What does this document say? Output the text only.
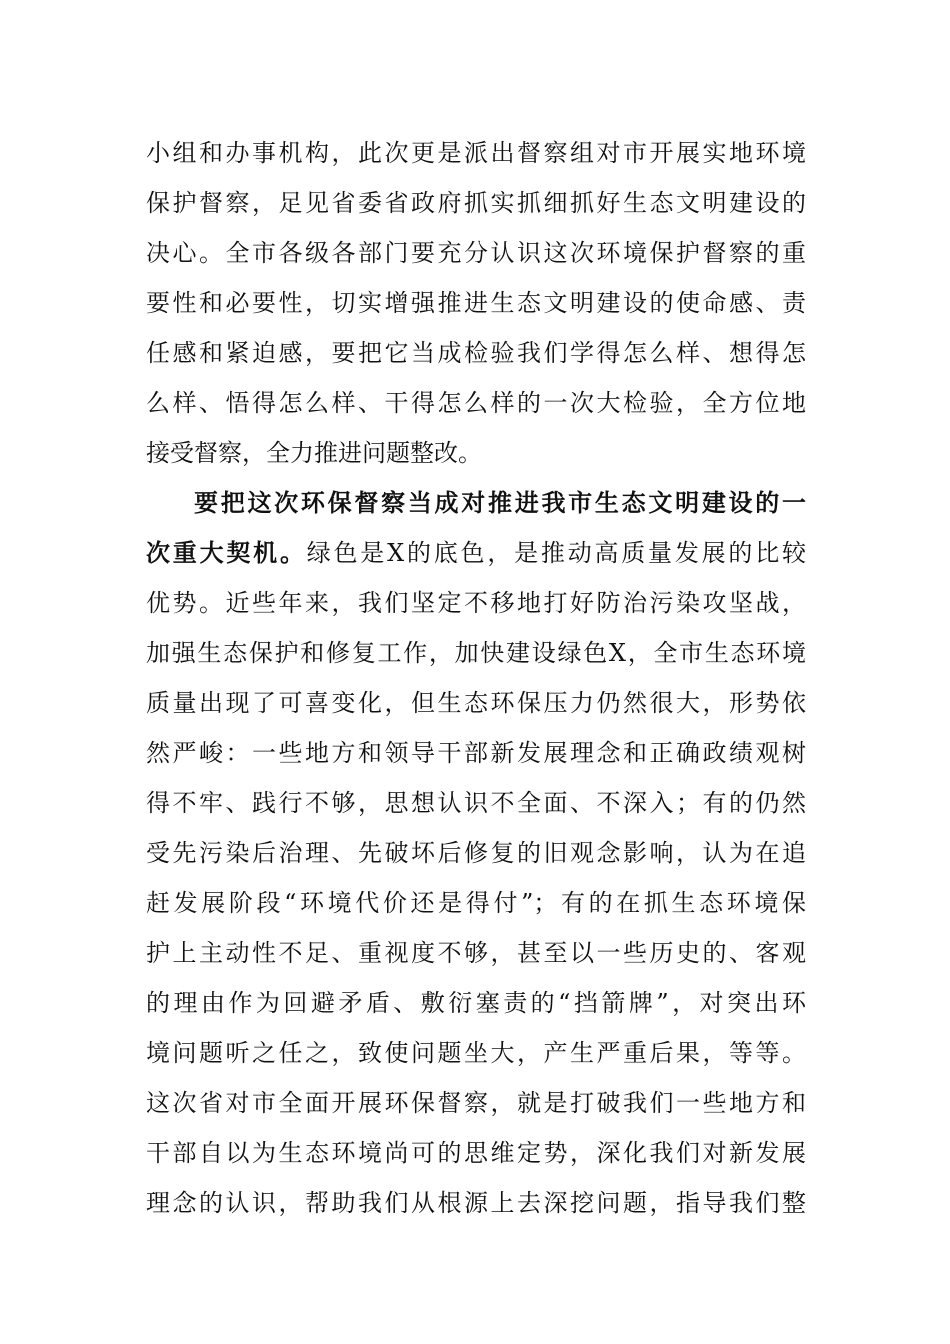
小组和办事机构，此次更是派出督察组对市开展实地环境
保护督察，足见省委省政府抓实抓细抓好生态文明建设的
决心。全市各级各部门要充分认识这次环境保护督察的重
要性和必要性，切实增强推进生态文明建设的使命感、责
任感和紧迫感，要把它当成检验我们学得怎么样、想得怎
么样、悟得怎么样、干得怎么样的一次大检验，全方位地
接受督察，全力推进问题整改。
要把这次环保督察当成对推进我市生态文明建设的一
次重大契机。绿色是X的底色，是推动高质量发展的比较
优势。近些年来，我们坚定不移地打好防治污染攻坚战，
加强生态保护和修复工作，加快建设绿色X，全市生态环境
质量出现了可喜变化，但生态环保压力仍然很大，形势依
然严峻：一些地方和领导干部新发展理念和正确政绩观树
得不牢、践行不够，思想认识不全面、不深入；有的仍然
受先污染后治理、先破坏后修复的旧观念影响，认为在追
赶发展阶段“环境代价还是得付”；有的在抓生态环境保
护上主动性不足、重视度不够，甚至以一些历史的、客观
的理由作为回避矛盾、敷衍塞责的“挡箭牌”，对突出环
境问题听之任之，致使问题坐大，产生严重后果，等等。
这次省对市全面开展环保督察，就是打破我们一些地方和
干部自以为生态环境尚可的思维定势，深化我们对新发展
理念的认识，帮助我们从根源上去深挖问题，指导我们整
